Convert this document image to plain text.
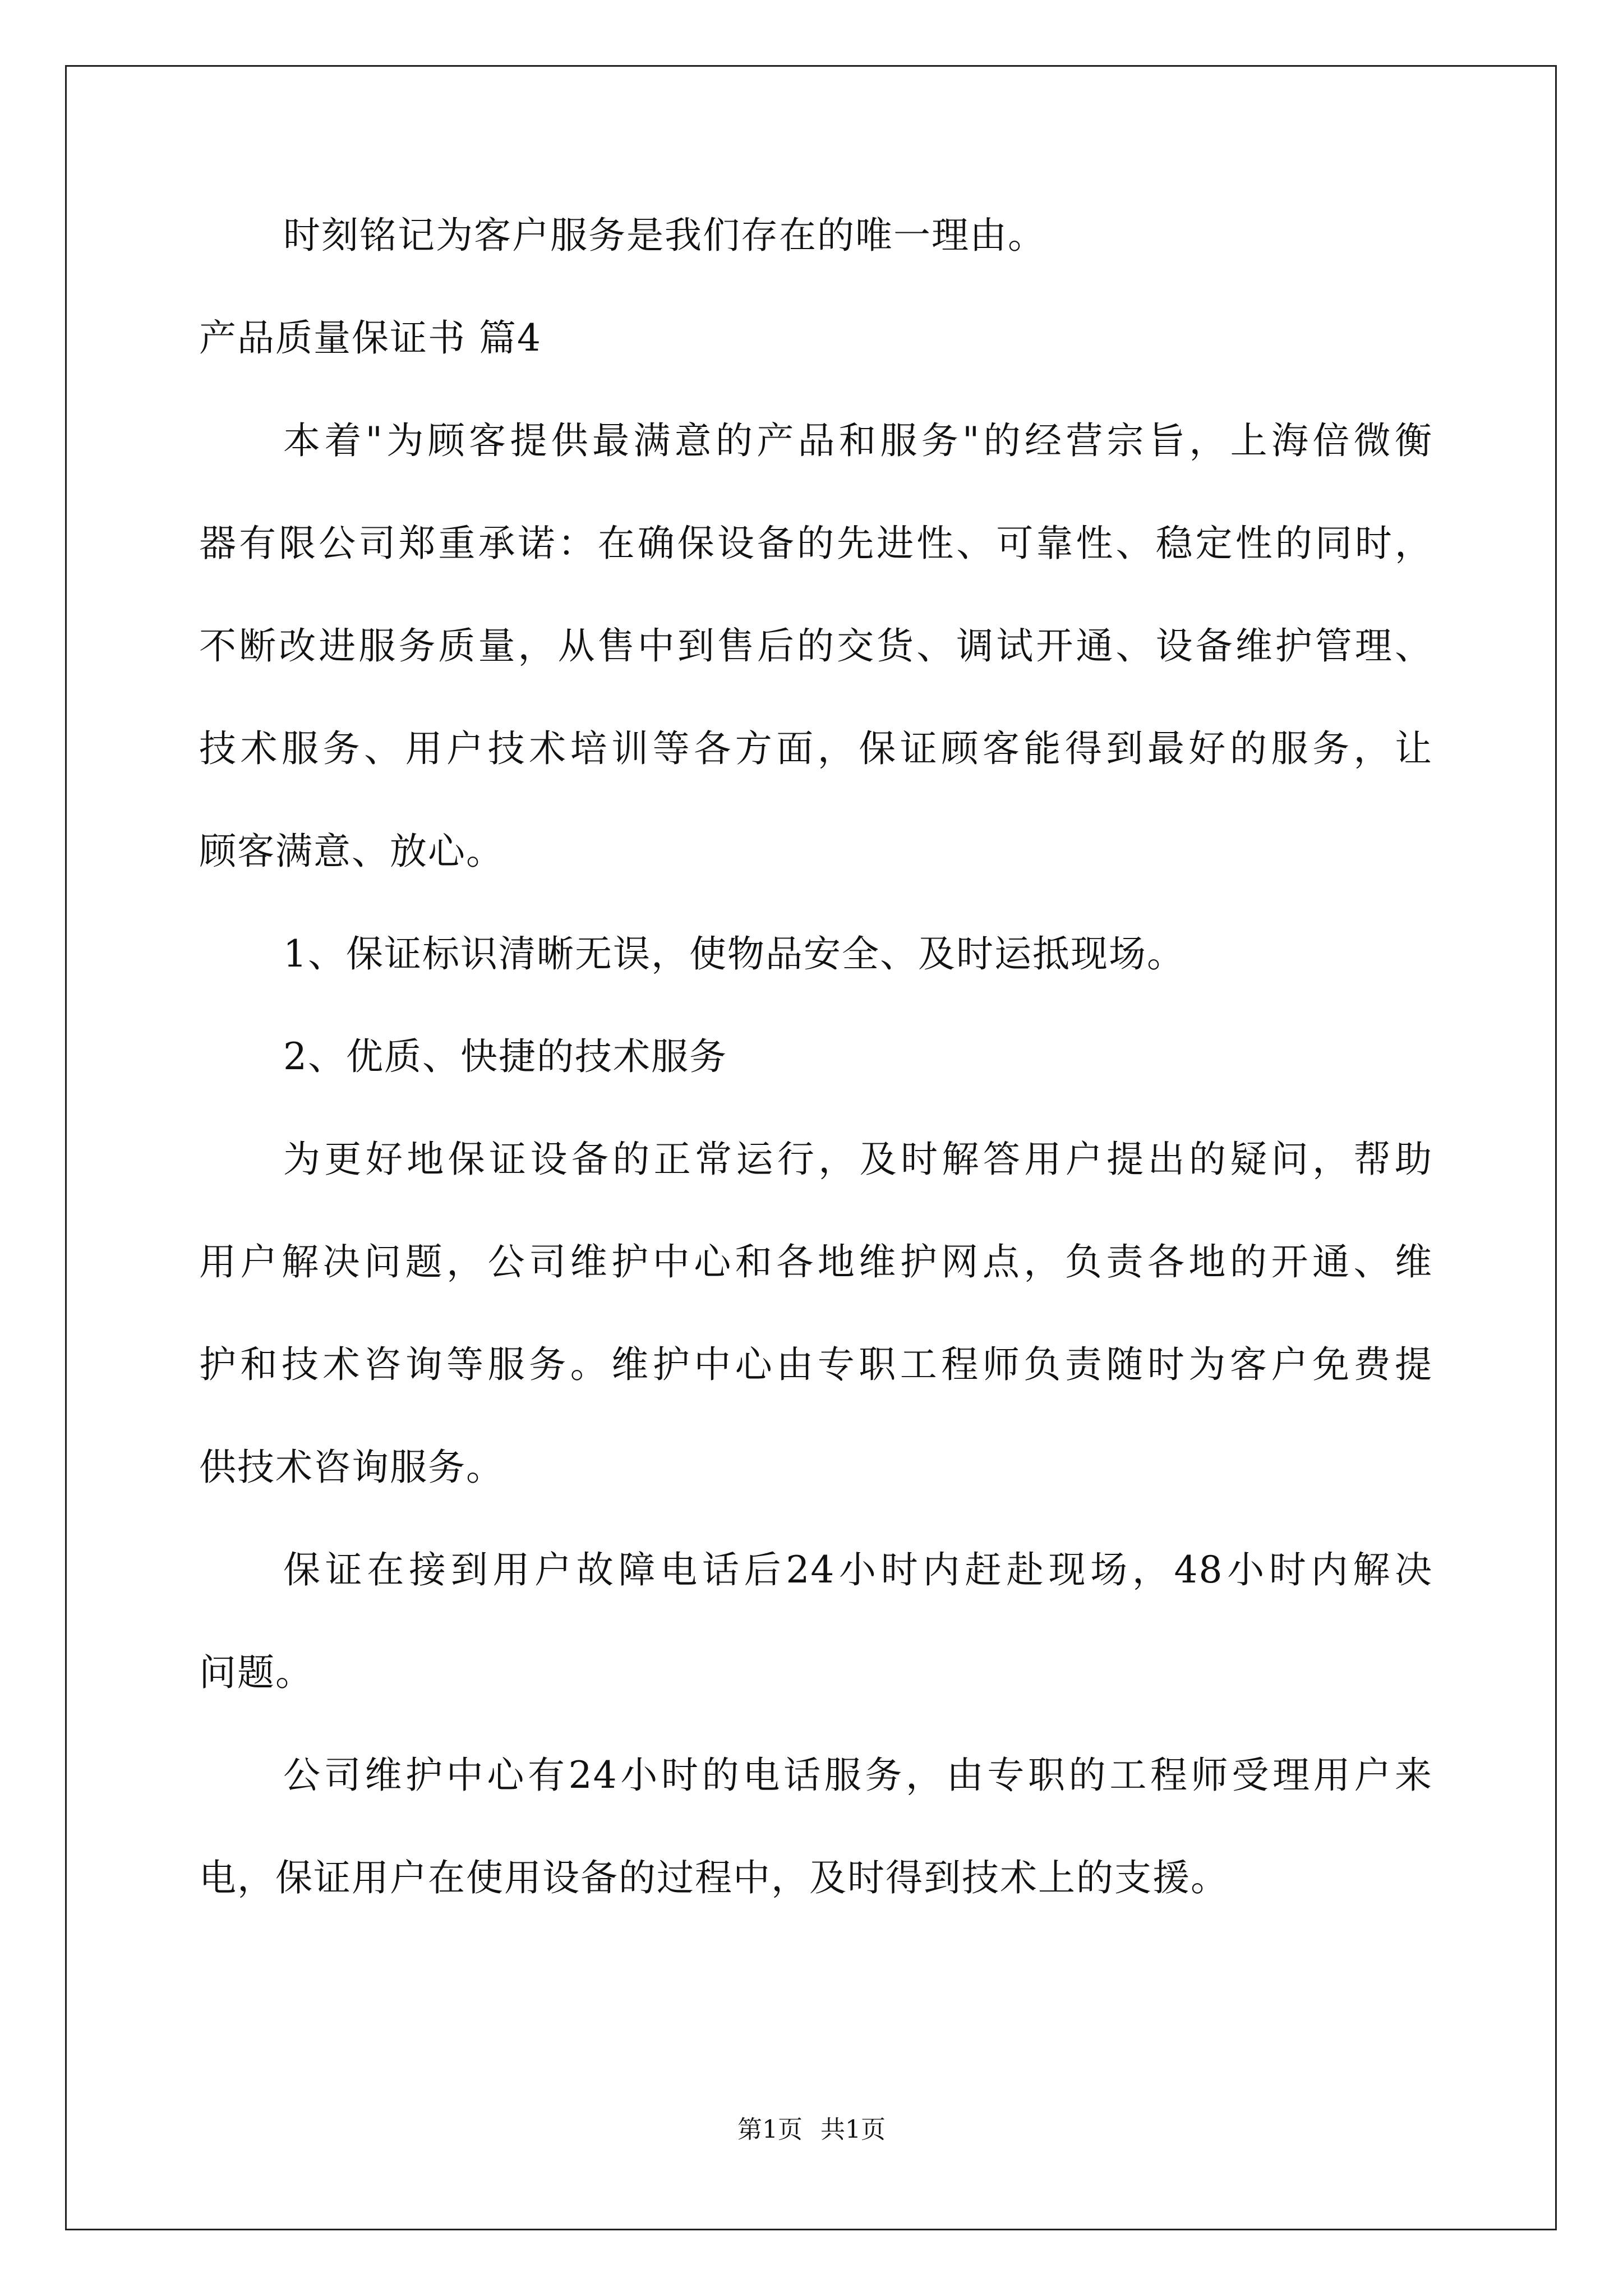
时刻铭记为客户服务是我们存在的唯一理由。
产品质量保证书 篇4
本着"为顾客提供最满意的产品和服务"的经营宗旨，上海倍微衡
器有限公司郑重承诺：在确保设备的先进性、可靠性、稳定性的同时，
不断改进服务质量，从售中到售后的交货、调试开通、设备维护管理、
技术服务、用户技术培训等各方面，保证顾客能得到最好的服务，让
顾客满意、放心。
1、保证标识清晰无误，使物品安全、及时运抵现场。
2、优质、快捷的技术服务
为更好地保证设备的正常运行，及时解答用户提出的疑问，帮助
用户解决问题，公司维护中心和各地维护网点，负责各地的开通、维
护和技术咨询等服务。维护中心由专职工程师负责随时为客户免费提
供技术咨询服务。
保证在接到用户故障电话后24小时内赶赴现场，48小时内解决
问题。
公司维护中心有24小时的电话服务，由专职的工程师受理用户来
电，保证用户在使用设备的过程中，及时得到技术上的支援。
第1页 共1页
